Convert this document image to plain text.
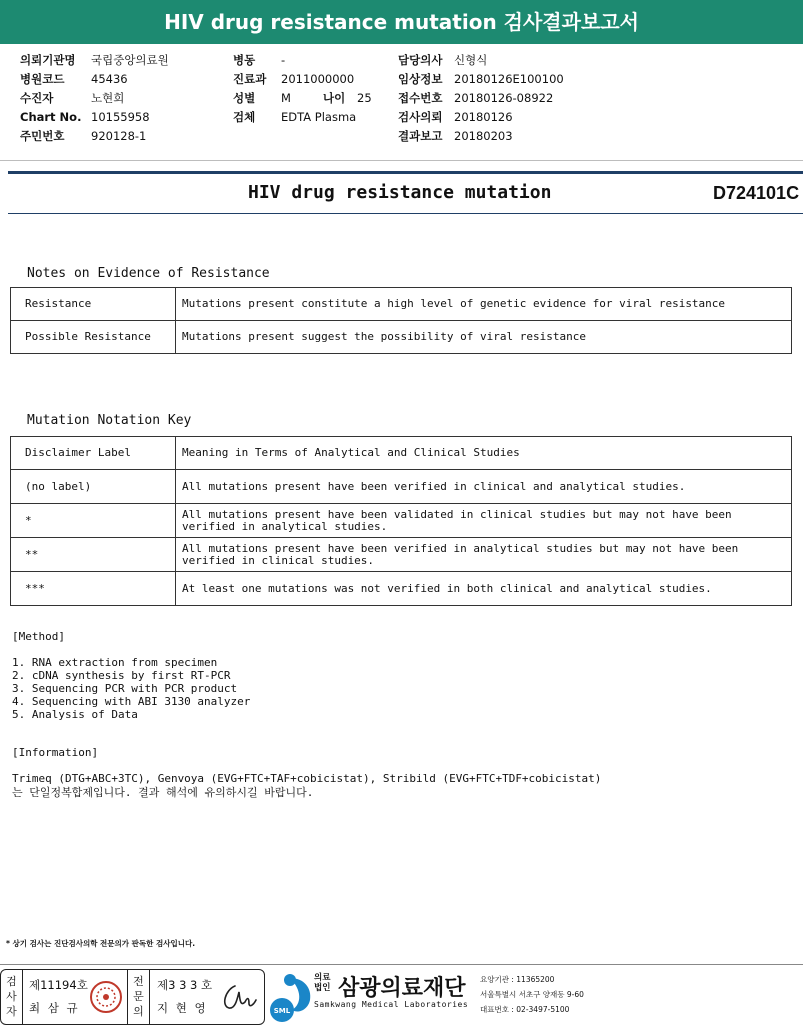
HIV drug resistance mutation 검사결과보고서
의뢰기관명 국립중앙의료원
병원코드 45436
수진자	노현희
Chart No. 10155958
주민번호 920128-1
병동 -
진료과 2011000000
성별 M	나이 25
검체 EDTA Plasma
담당의사 신형식
임상정보 20180126E100100
접수번호 20180126-08922
검사의뢰 20180126
결과보고 20180203
HIV drug resistance mutation	D724101C
Notes on Evidence of Resistance
Resistance	Mutations present constitute a high level of genetic evidence for viral resistance
Possible Resistance	Mutations present suggest the possibility of viral resistance
Mutation Notation Key
Disclaimer Label	Meaning in Terms of Analytical and Clinical Studies
(no label)	All mutations present have been verified in clinical and analytical studies.
*	All mutations present have been validated in clinical studies but may not have been verified in analytical studies.
**	All mutations present have been verified in analytical studies but may not have been verified in clinical studies.
***	At least one mutations was not verified in both clinical and analytical studies.
[Method]
1. RNA extraction from specimen
2. cDNA synthesis by first RT-PCR
3. Sequencing PCR with PCR product
4. Sequencing with ABI 3130 analyzer
5. Analysis of Data
[Information]
Trimeq (DTG+ABC+3TC), Genvoya (EVG+FTC+TAF+cobicistat), Stribild (EVG+FTC+TDF+cobicistat)
는 단일정복합제입니다. 결과 해석에 유의하시길 바랍니다.
* 상기 검사는 진단검사의학 전문의가 판독한 검사입니다.
검사자
제11194호
최 삼 규
전문의
제3 3 3 호
지 현 영	SML
의료
법인 삼광의료재단
Samkwang Medical Laboratories
요양기관 : 11365200
서울특별시 서초구 양재동 9-60
대표번호 : 02-3497-5100
